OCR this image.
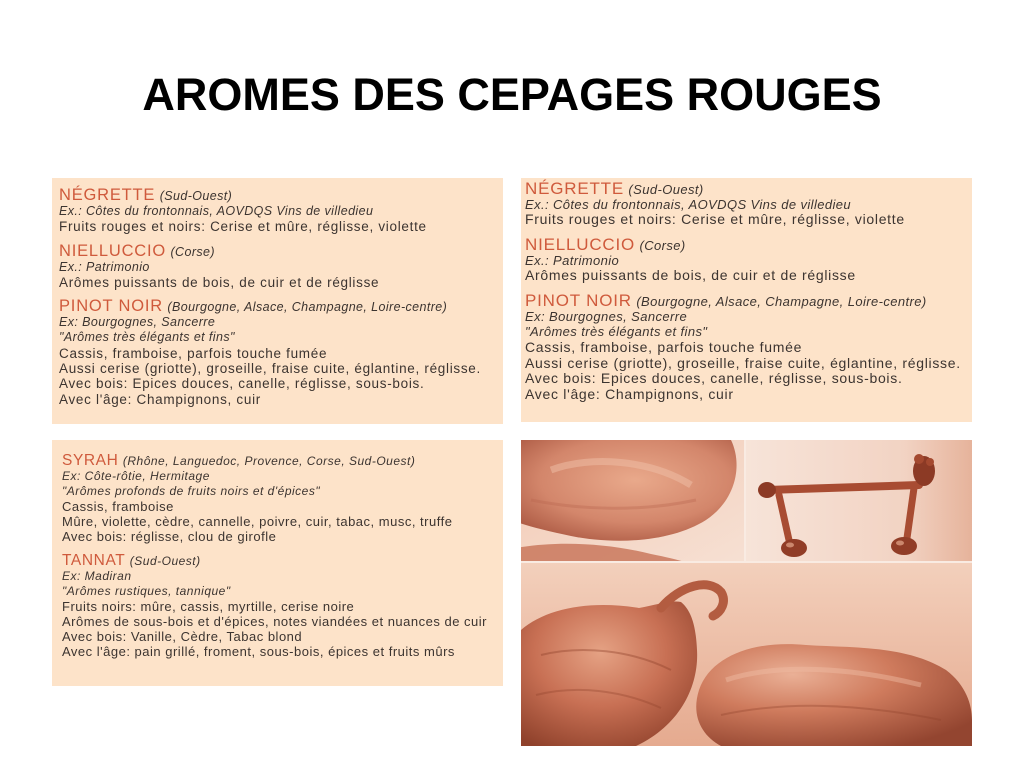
AROMES DES CEPAGES ROUGES
NÉGRETTE (Sud-Ouest)
Ex.: Côtes du frontonnais, AOVDQS Vins de villedieu
Fruits rouges et noirs: Cerise et mûre, réglisse, violette
NIELLUCCIO (Corse)
Ex.: Patrimonio
Arômes puissants de bois, de cuir et de réglisse
PINOT NOIR (Bourgogne, Alsace, Champagne, Loire-centre)
Ex: Bourgognes, Sancerre
"Arômes très élégants et fins"
Cassis, framboise, parfois touche fumée
Aussi cerise (griotte), groseille, fraise cuite, églantine, réglisse.
Avec bois: Epices douces, canelle, réglisse, sous-bois.
Avec l'âge: Champignons, cuir
NÉGRETTE (Sud-Ouest)
Ex.: Côtes du frontonnais, AOVDQS Vins de villedieu
Fruits rouges et noirs: Cerise et mûre, réglisse, violette
NIELLUCCIO (Corse)
Ex.: Patrimonio
Arômes puissants de bois, de cuir et de réglisse
PINOT NOIR (Bourgogne, Alsace, Champagne, Loire-centre)
Ex: Bourgognes, Sancerre
"Arômes très élégants et fins"
Cassis, framboise, parfois touche fumée
Aussi cerise (griotte), groseille, fraise cuite, églantine, réglisse.
Avec bois: Epices douces, canelle, réglisse, sous-bois.
Avec l'âge: Champignons, cuir
SYRAH (Rhône, Languedoc, Provence, Corse, Sud-Ouest)
Ex: Côte-rôtie, Hermitage
"Arômes profonds de fruits noirs et d'épices"
Cassis, framboise
Mûre, violette, cèdre, cannelle, poivre, cuir, tabac, musc, truffe
Avec bois: réglisse, clou de girofle
TANNAT (Sud-Ouest)
Ex: Madiran
"Arômes rustiques, tannique"
Fruits noirs: mûre, cassis, myrtille, cerise noire
Arômes de sous-bois et d'épices, notes viandées et nuances de cuir
Avec bois: Vanille, Cèdre, Tabac blond
Avec l'âge: pain grillé, froment, sous-bois, épices et fruits mûrs
